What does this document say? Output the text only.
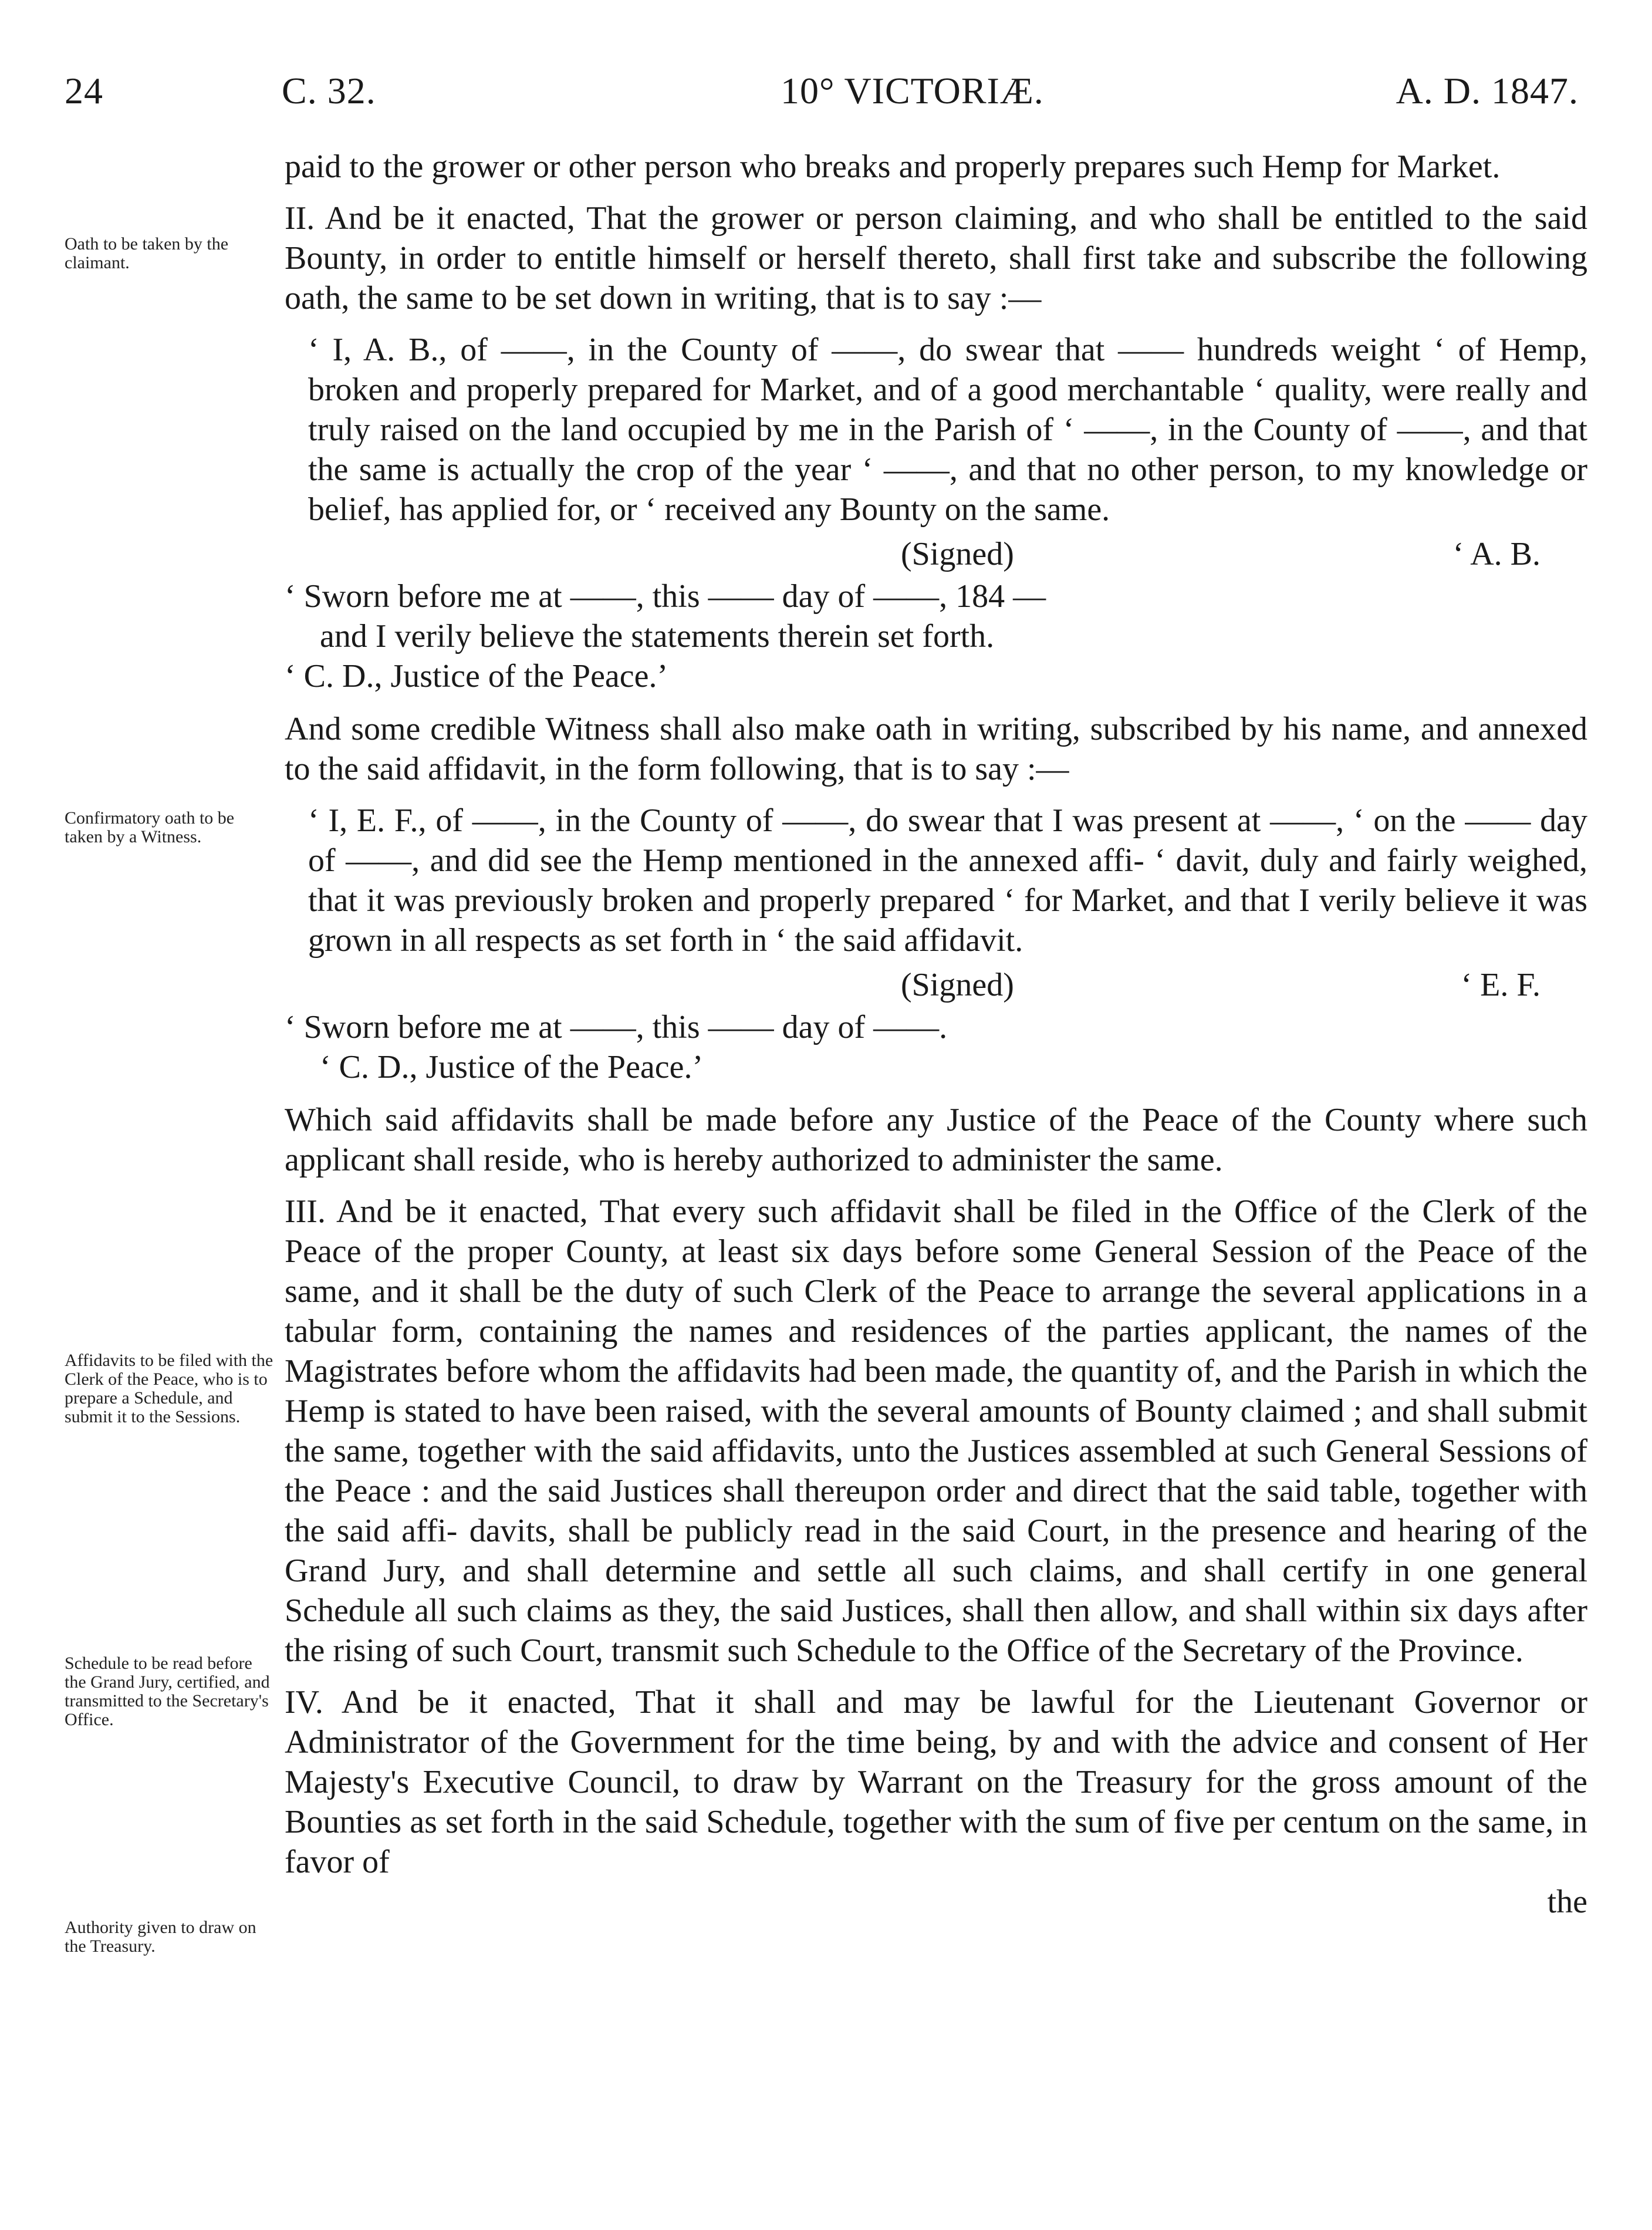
24	C. 32.	10° VICTORIÆ.	A. D. 1847.

Oath to be taken by the claimant.

Confirmatory oath to be taken by a Witness.

Affidavits to be filed with the Clerk of the Peace, who is to prepare a Schedule, and submit it to the Sessions.

Schedule to be read before the Grand Jury, certified, and transmitted to the Secretary's Office.

Authority given to draw on the Treasury.

paid to the grower or other person who breaks and properly prepares such Hemp for Market.

II. And be it enacted, That the grower or person claiming, and who shall be entitled to the said Bounty, in order to entitle himself or herself thereto, shall first take and subscribe the following oath, the same to be set down in writing, that is to say :—

‘ I, A. B., of ——, in the County of ——, do swear that —— hundreds weight ‘ of Hemp, broken and properly prepared for Market, and of a good merchantable ‘ quality, were really and truly raised on the land occupied by me in the Parish of ‘ ——, in the County of ——, and that the same is actually the crop of the year ‘ ——, and that no other person, to my knowledge or belief, has applied for, or ‘ received any Bounty on the same.

(Signed)	‘ A. B.

‘ Sworn before me at ——, this —— day of ——, 184 —

and I verily believe the statements therein set forth.

‘ C. D., Justice of the Peace.’

And some credible Witness shall also make oath in writing, subscribed by his name, and annexed to the said affidavit, in the form following, that is to say :—

‘ I, E. F., of ——, in the County of ——, do swear that I was present at ——, ‘ on the —— day of ——, and did see the Hemp mentioned in the annexed affi- ‘ davit, duly and fairly weighed, that it was previously broken and properly prepared ‘ for Market, and that I verily believe it was grown in all respects as set forth in ‘ the said affidavit.

(Signed)	‘ E. F.

‘ Sworn before me at ——, this —— day of ——.

‘ C. D., Justice of the Peace.’

Which said affidavits shall be made before any Justice of the Peace of the County where such applicant shall reside, who is hereby authorized to administer the same.

III. And be it enacted, That every such affidavit shall be filed in the Office of the Clerk of the Peace of the proper County, at least six days before some General Session of the Peace of the same, and it shall be the duty of such Clerk of the Peace to arrange the several applications in a tabular form, containing the names and residences of the parties applicant, the names of the Magistrates before whom the affidavits had been made, the quantity of, and the Parish in which the Hemp is stated to have been raised, with the several amounts of Bounty claimed ; and shall submit the same, together with the said affidavits, unto the Justices assembled at such General Sessions of the Peace : and the said Justices shall thereupon order and direct that the said table, together with the said affi- davits, shall be publicly read in the said Court, in the presence and hearing of the Grand Jury, and shall determine and settle all such claims, and shall certify in one general Schedule all such claims as they, the said Justices, shall then allow, and shall within six days after the rising of such Court, transmit such Schedule to the Office of the Secretary of the Province.

IV. And be it enacted, That it shall and may be lawful for the Lieutenant Governor or Administrator of the Government for the time being, by and with the advice and consent of Her Majesty's Executive Council, to draw by Warrant on the Treasury for the gross amount of the Bounties as set forth in the said Schedule, together with the sum of five per centum on the same, in favor of

the
